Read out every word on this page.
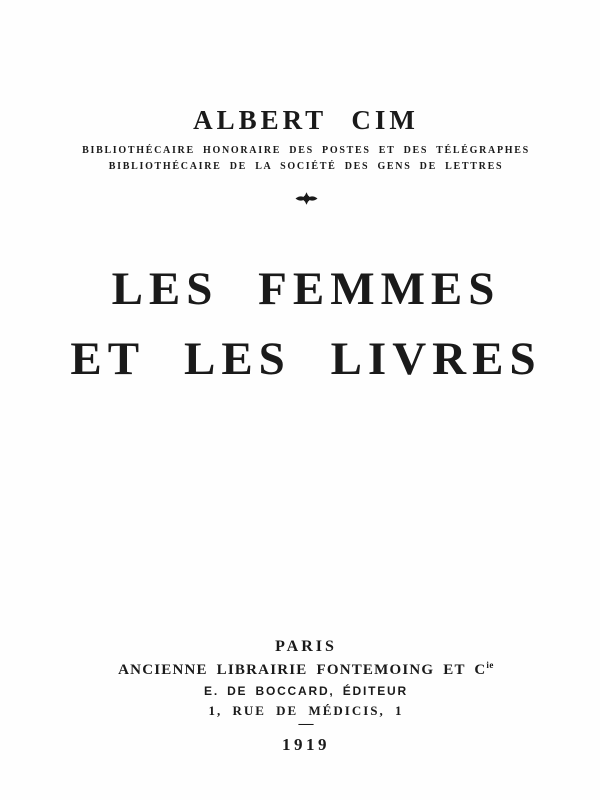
ALBERT CIM
BIBLIOTHÉCAIRE HONORAIRE DES POSTES ET DES TÉLÉGRAPHES
BIBLIOTHÉCAIRE DE LA SOCIÉTÉ DES GENS DE LETTRES
LES FEMMES
ET LES LIVRES
PARIS
ANCIENNE LIBRAIRIE FONTEMOING ET $C^{ie}$
E. DE BOCCARD, ÉDITEUR
1, RUE DE MÉDICIS, 1
—
1919
